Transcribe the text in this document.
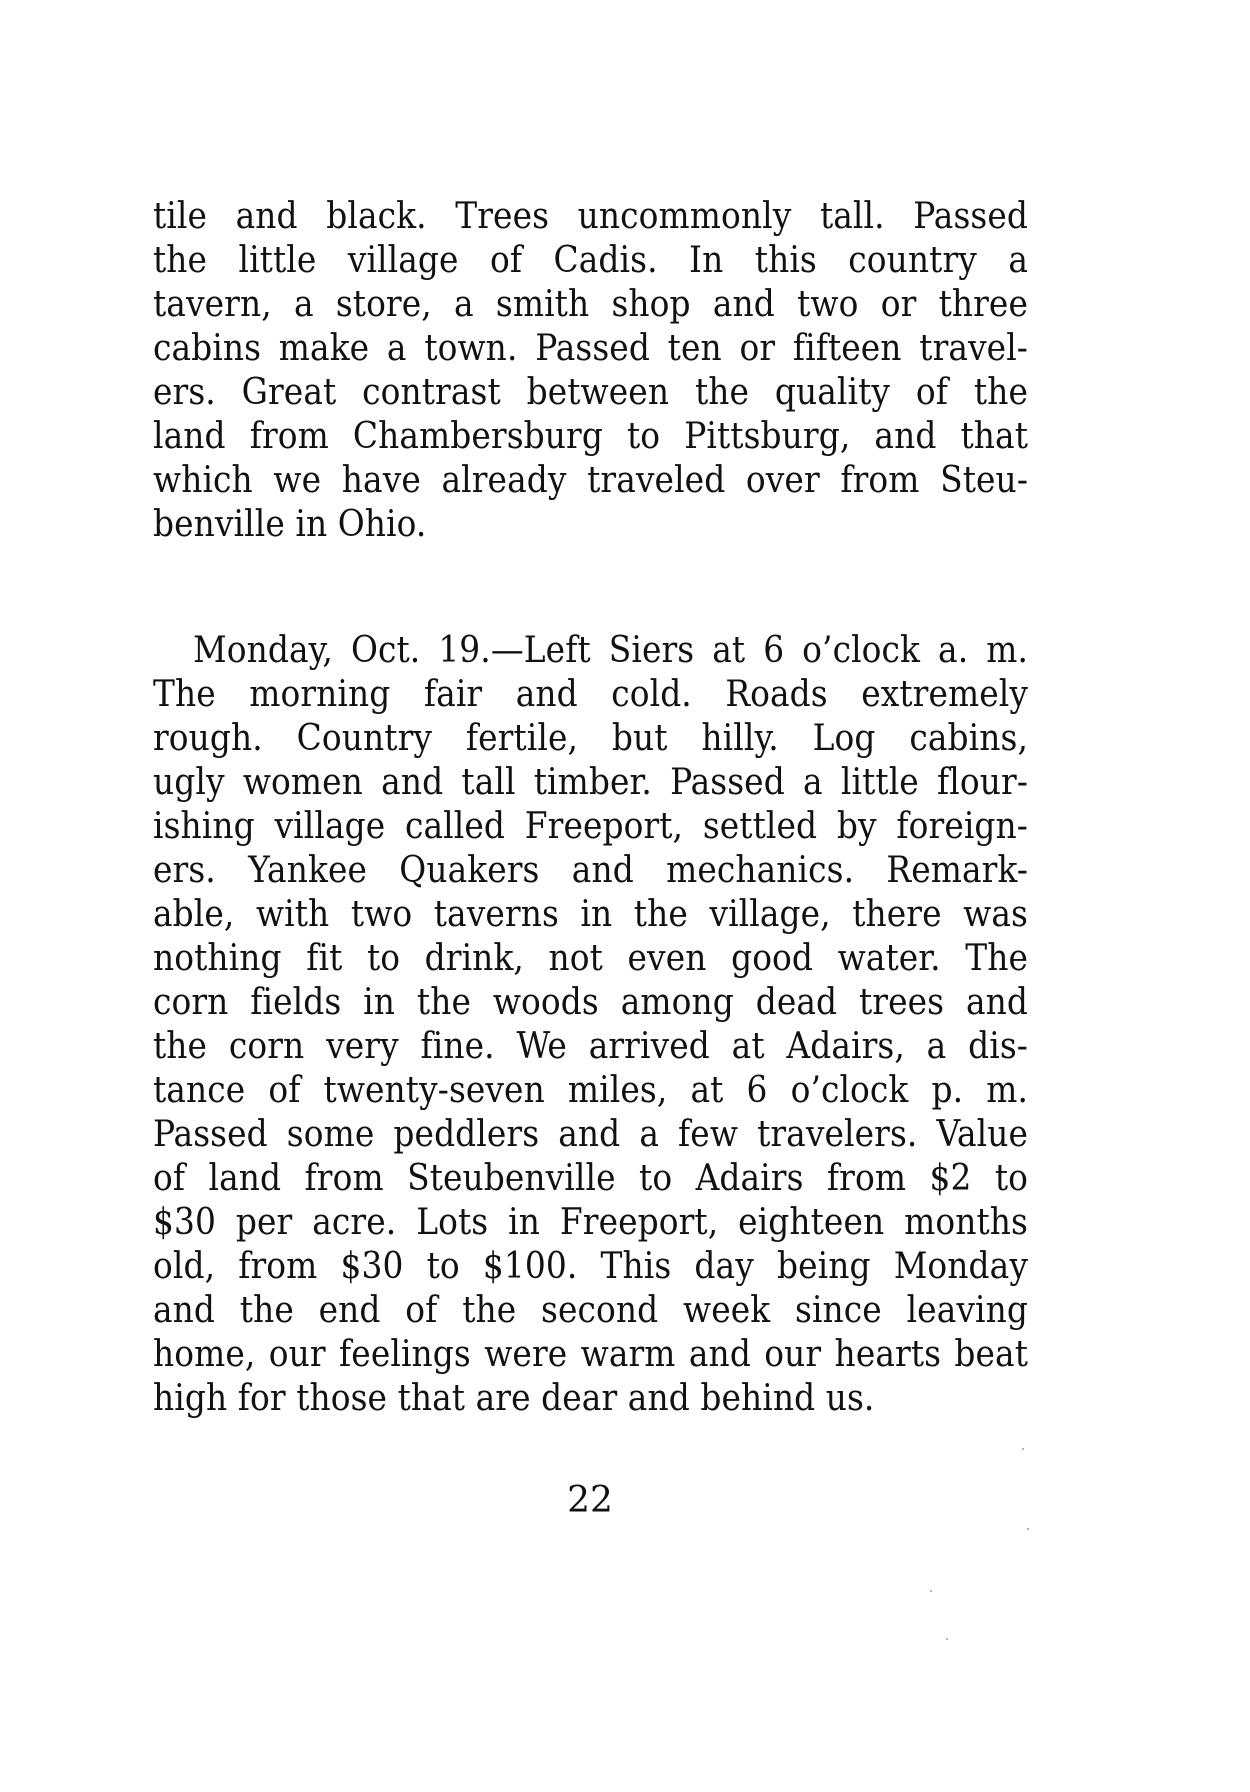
tile and black. Trees uncommonly tall. Passed
the little village of Cadis. In this country a
tavern, a store, a smith shop and two or three
cabins make a town. Passed ten or fifteen travel-
ers. Great contrast between the quality of the
land from Chambersburg to Pittsburg, and that
which we have already traveled over from Steu-
benville in Ohio.
Monday, Oct. 19.—Left Siers at 6 o’clock a. m.
The morning fair and cold. Roads extremely
rough. Country fertile, but hilly. Log cabins,
ugly women and tall timber. Passed a little flour-
ishing village called Freeport, settled by foreign-
ers. Yankee Quakers and mechanics. Remark-
able, with two taverns in the village, there was
nothing fit to drink, not even good water. The
corn fields in the woods among dead trees and
the corn very fine. We arrived at Adairs, a dis-
tance of twenty-seven miles, at 6 o’clock p. m.
Passed some peddlers and a few travelers. Value
of land from Steubenville to Adairs from $2 to
$30 per acre. Lots in Freeport, eighteen months
old, from $30 to $100. This day being Monday
and the end of the second week since leaving
home, our feelings were warm and our hearts beat
high for those that are dear and behind us.
22
